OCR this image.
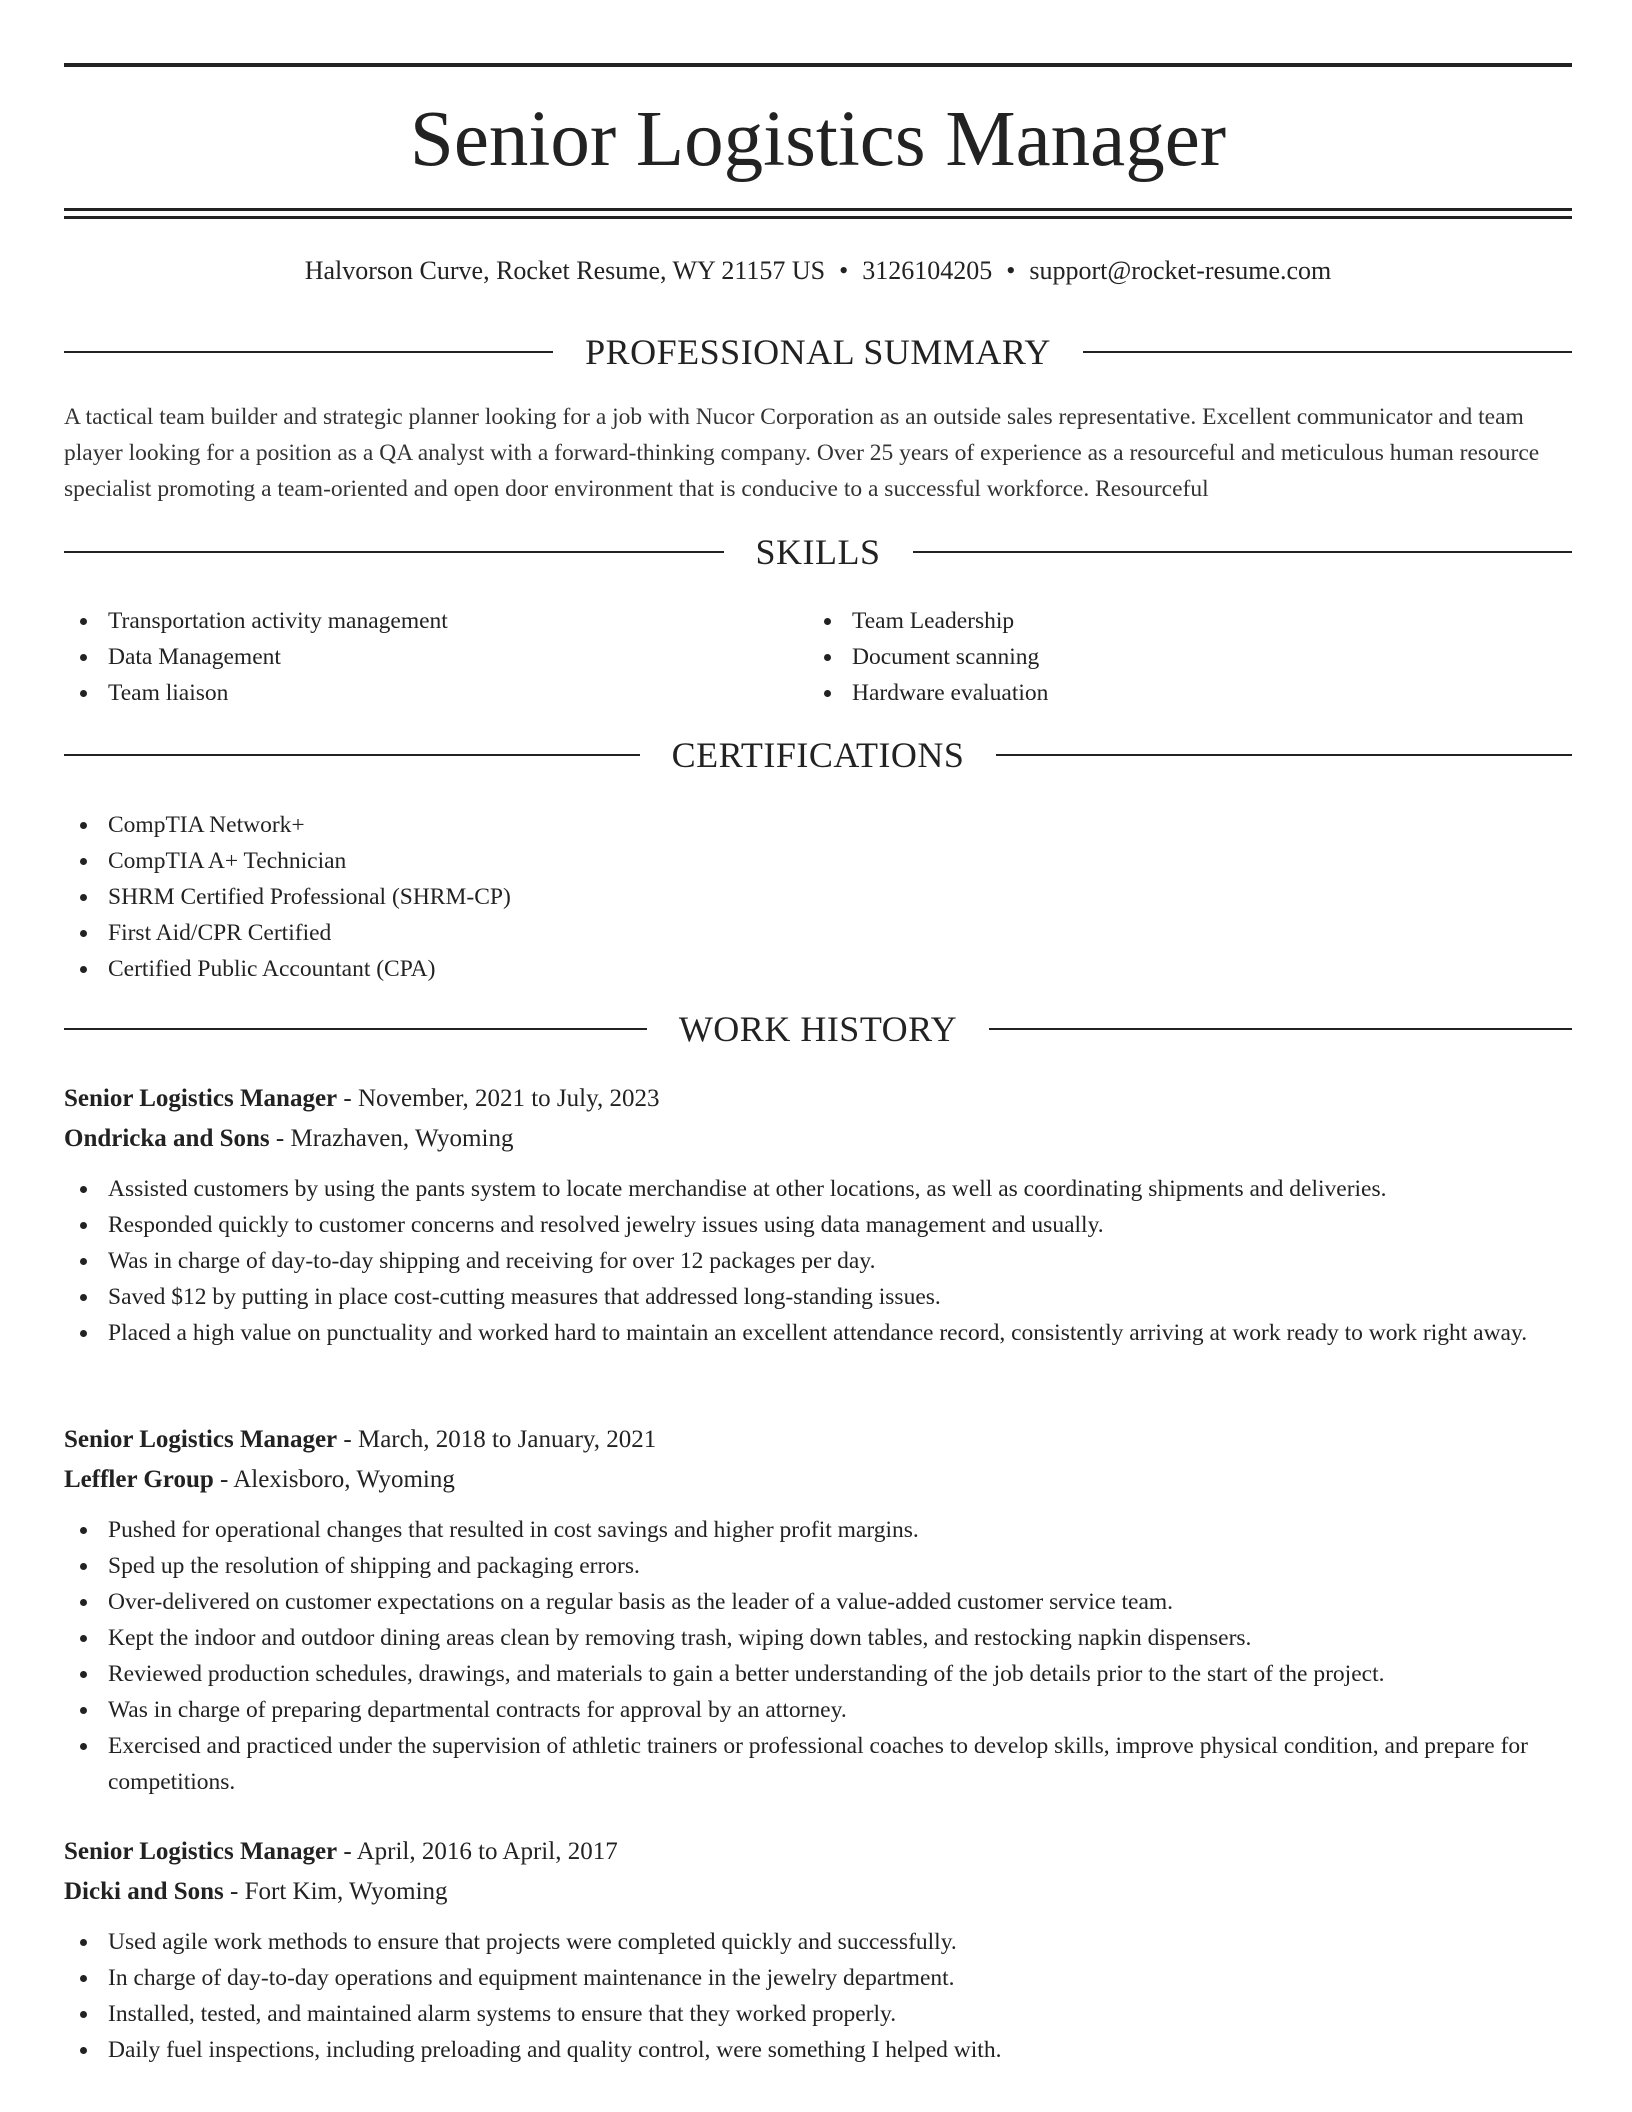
Senior Logistics Manager
Halvorson Curve, Rocket Resume, WY 21157 US • 3126104205 • support@rocket-resume.com
PROFESSIONAL SUMMARY
A tactical team builder and strategic planner looking for a job with Nucor Corporation as an outside sales representative. Excellent communicator and team player looking for a position as a QA analyst with a forward-thinking company. Over 25 years of experience as a resourceful and meticulous human resource specialist promoting a team-oriented and open door environment that is conducive to a successful workforce. Resourceful
SKILLS
Transportation activity management
Data Management
Team liaison
Team Leadership
Document scanning
Hardware evaluation
CERTIFICATIONS
CompTIA Network+
CompTIA A+ Technician
SHRM Certified Professional (SHRM-CP)
First Aid/CPR Certified
Certified Public Accountant (CPA)
WORK HISTORY
Senior Logistics Manager - November, 2021 to July, 2023
Ondricka and Sons - Mrazhaven, Wyoming
Assisted customers by using the pants system to locate merchandise at other locations, as well as coordinating shipments and deliveries.
Responded quickly to customer concerns and resolved jewelry issues using data management and usually.
Was in charge of day-to-day shipping and receiving for over 12 packages per day.
Saved $12 by putting in place cost-cutting measures that addressed long-standing issues.
Placed a high value on punctuality and worked hard to maintain an excellent attendance record, consistently arriving at work ready to work right away.
Senior Logistics Manager - March, 2018 to January, 2021
Leffler Group - Alexisboro, Wyoming
Pushed for operational changes that resulted in cost savings and higher profit margins.
Sped up the resolution of shipping and packaging errors.
Over-delivered on customer expectations on a regular basis as the leader of a value-added customer service team.
Kept the indoor and outdoor dining areas clean by removing trash, wiping down tables, and restocking napkin dispensers.
Reviewed production schedules, drawings, and materials to gain a better understanding of the job details prior to the start of the project.
Was in charge of preparing departmental contracts for approval by an attorney.
Exercised and practiced under the supervision of athletic trainers or professional coaches to develop skills, improve physical condition, and prepare for competitions.
Senior Logistics Manager - April, 2016 to April, 2017
Dicki and Sons - Fort Kim, Wyoming
Used agile work methods to ensure that projects were completed quickly and successfully.
In charge of day-to-day operations and equipment maintenance in the jewelry department.
Installed, tested, and maintained alarm systems to ensure that they worked properly.
Daily fuel inspections, including preloading and quality control, were something I helped with.
